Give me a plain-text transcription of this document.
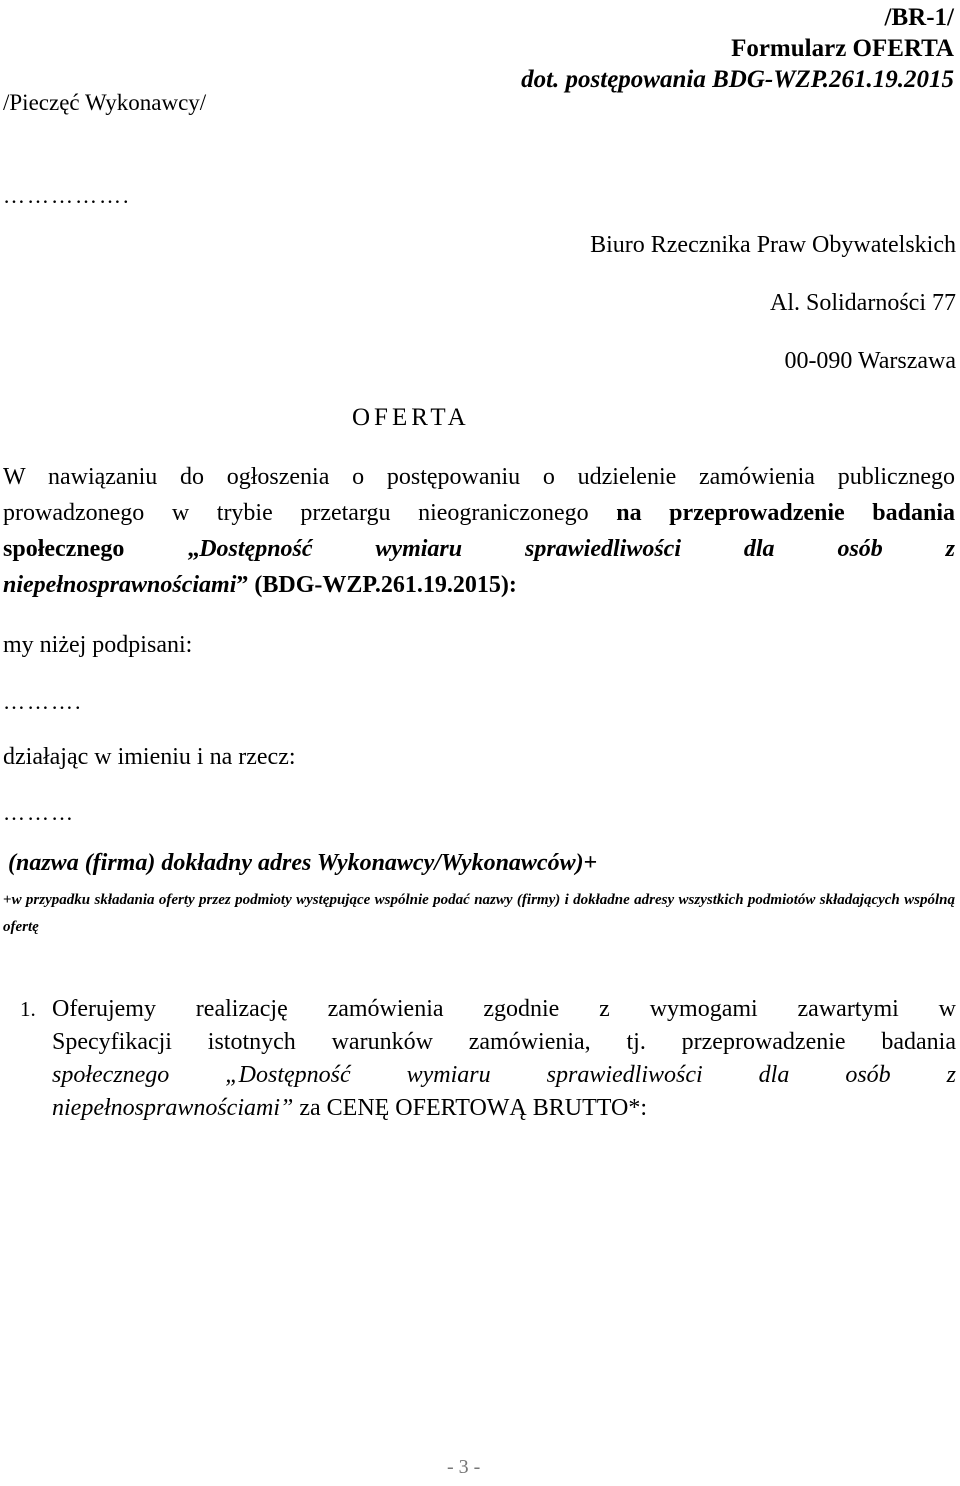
/BR-1/
Formularz OFERTA
dot. postępowania BDG-WZP.261.19.2015
/Pieczęć Wykonawcy/
…………….
Biuro Rzecznika Praw Obywatelskich
Al. Solidarności 77
00-090 Warszawa
OFERTA
W nawiązaniu do ogłoszenia o postępowaniu o udzielenie zamówienia publicznego
prowadzonego w trybie przetargu nieograniczonego na przeprowadzenie badania
społecznego „Dostępność wymiaru sprawiedliwości dla osób z
niepełnosprawnościami” (BDG-WZP.261.19.2015):
my niżej podpisani:
……….
działając w imieniu i na rzecz:
………
(nazwa (firma) dokładny adres Wykonawcy/Wykonawców)+
+w przypadku składania oferty przez podmioty występujące wspólnie podać nazwy (firmy) i dokładne adresy wszystkich podmiotów składających wspólną ofertę
1. Oferujemy realizację zamówienia zgodnie z wymogami zawartymi w
Specyfikacji istotnych warunków zamówienia, tj. przeprowadzenie badania
społecznego „Dostępność wymiaru sprawiedliwości dla osób z
niepełnosprawnościami” za CENĘ OFERTOWĄ BRUTTO*:
- 3 -
